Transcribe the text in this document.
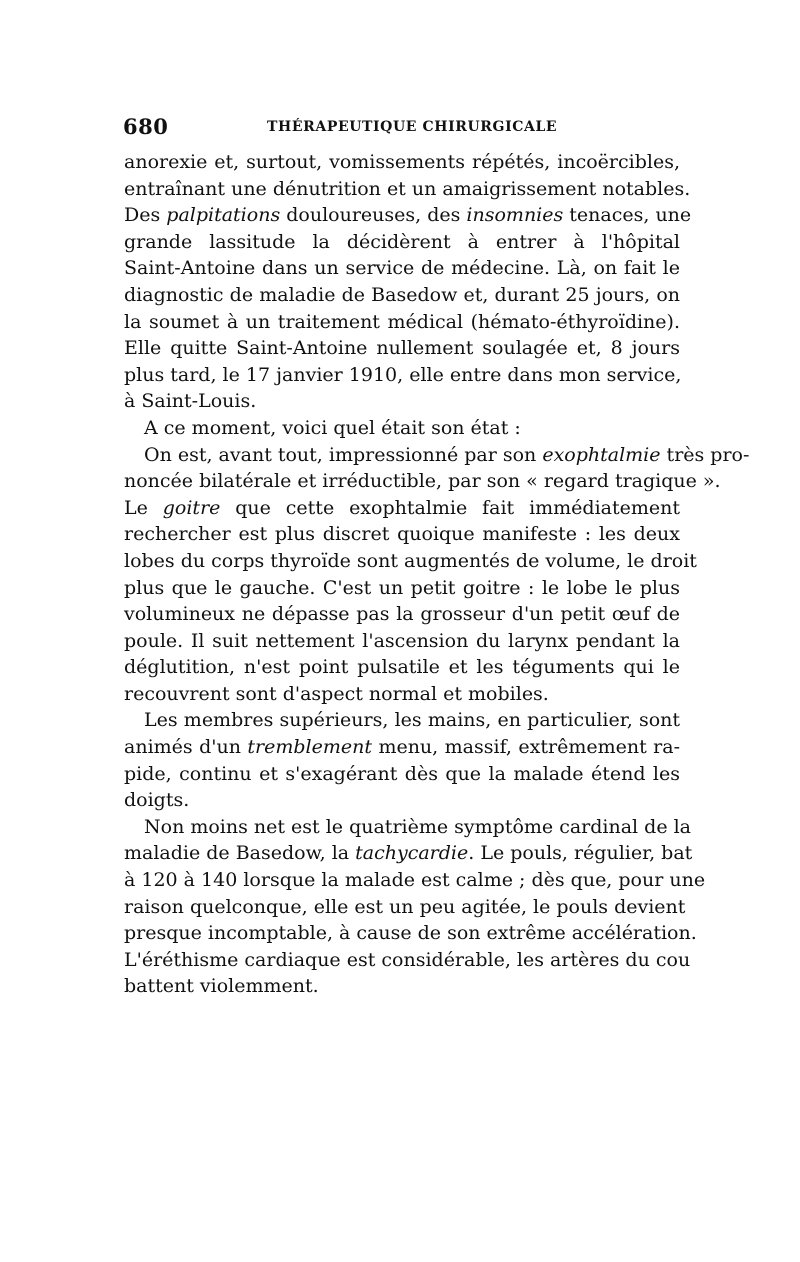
680	THÉRAPEUTIQUE CHIRURGICALE
anorexie et, surtout, vomissements répétés, incoërcibles,
entraînant une dénutrition et un amaigrissement notables.
Des palpitations douloureuses, des insomnies tenaces, une
grande lassitude la décidèrent à entrer à l'hôpital
Saint-Antoine dans un service de médecine. Là, on fait le
diagnostic de maladie de Basedow et, durant 25 jours, on
la soumet à un traitement médical (hémato-éthyroïdine).
Elle quitte Saint-Antoine nullement soulagée et, 8 jours
plus tard, le 17 janvier 1910, elle entre dans mon service,
à Saint-Louis.
A ce moment, voici quel était son état :
On est, avant tout, impressionné par son exophtalmie très pro-
noncée bilatérale et irréductible, par son « regard tragique ».
Le goitre que cette exophtalmie fait immédiatement
rechercher est plus discret quoique manifeste : les deux
lobes du corps thyroïde sont augmentés de volume, le droit
plus que le gauche. C'est un petit goitre : le lobe le plus
volumineux ne dépasse pas la grosseur d'un petit œuf de
poule. Il suit nettement l'ascension du larynx pendant la
déglutition, n'est point pulsatile et les téguments qui le
recouvrent sont d'aspect normal et mobiles.
Les membres supérieurs, les mains, en particulier, sont
animés d'un tremblement menu, massif, extrêmement ra-
pide, continu et s'exagérant dès que la malade étend les
doigts.
Non moins net est le quatrième symptôme cardinal de la
maladie de Basedow, la tachycardie. Le pouls, régulier, bat
à 120 à 140 lorsque la malade est calme ; dès que, pour une
raison quelconque, elle est un peu agitée, le pouls devient
presque incomptable, à cause de son extrême accélération.
L'éréthisme cardiaque est considérable, les artères du cou
battent violemment.
